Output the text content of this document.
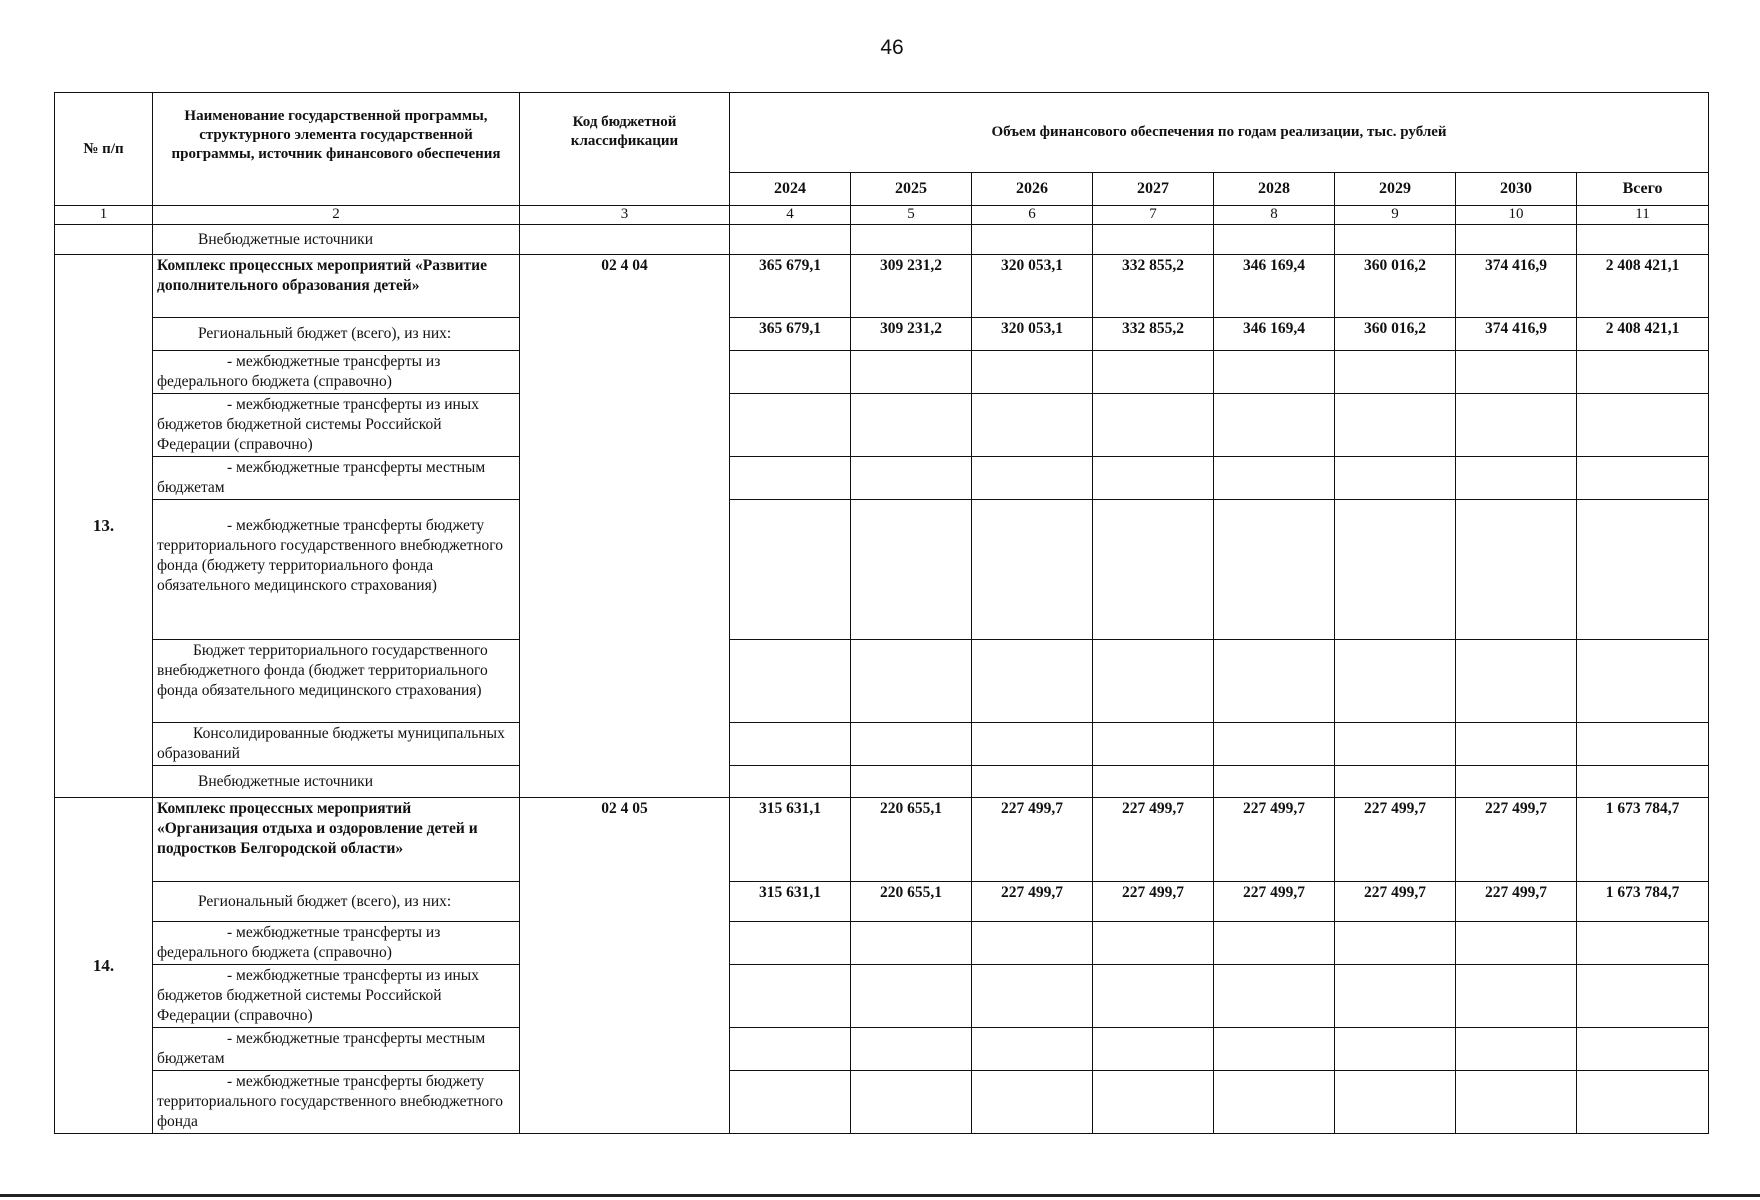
46
№ п/п	Наименование государственной программы, структурного элемента государственной программы, источник финансового обеспечения	Код бюджетной классификации	Объем финансового обеспечения по годам реализации, тыс. рублей							
			2024	2025	2026	2027	2028	2029	2030	Всего
1	2	3	4	5	6	7	8	9	10	11
	Внебюджетные источники									
13.	Комплекс процессных мероприятий «Развитие дополнительного образования детей»	02 4 04	365 679,1	309 231,2	320 053,1	332 855,2	346 169,4	360 016,2	374 416,9	2 408 421,1
	Региональный бюджет (всего), из них:		365 679,1	309 231,2	320 053,1	332 855,2	346 169,4	360 016,2	374 416,9	2 408 421,1
	- межбюджетные трансферты из федерального бюджета (справочно)									
	- межбюджетные трансферты из иных бюджетов бюджетной системы Российской Федерации (справочно)									
	- межбюджетные трансферты местным бюджетам									
	- межбюджетные трансферты бюджету территориального государственного внебюджетного фонда (бюджету территориального фонда обязательного медицинского страхования)									
	Бюджет территориального государственного внебюджетного фонда (бюджет территориального фонда обязательного медицинского страхования)									
	Консолидированные бюджеты муниципальных образований									
	Внебюджетные источники									
14.	Комплекс процессных мероприятий «Организация отдыха и оздоровление детей и подростков Белгородской области»	02 4 05	315 631,1	220 655,1	227 499,7	227 499,7	227 499,7	227 499,7	227 499,7	1 673 784,7
	Региональный бюджет (всего), из них:		315 631,1	220 655,1	227 499,7	227 499,7	227 499,7	227 499,7	227 499,7	1 673 784,7
	- межбюджетные трансферты из федерального бюджета (справочно)									
	- межбюджетные трансферты из иных бюджетов бюджетной системы Российской Федерации (справочно)									
	- межбюджетные трансферты местным бюджетам									
	- межбюджетные трансферты бюджету территориального государственного внебюджетного фонда									
